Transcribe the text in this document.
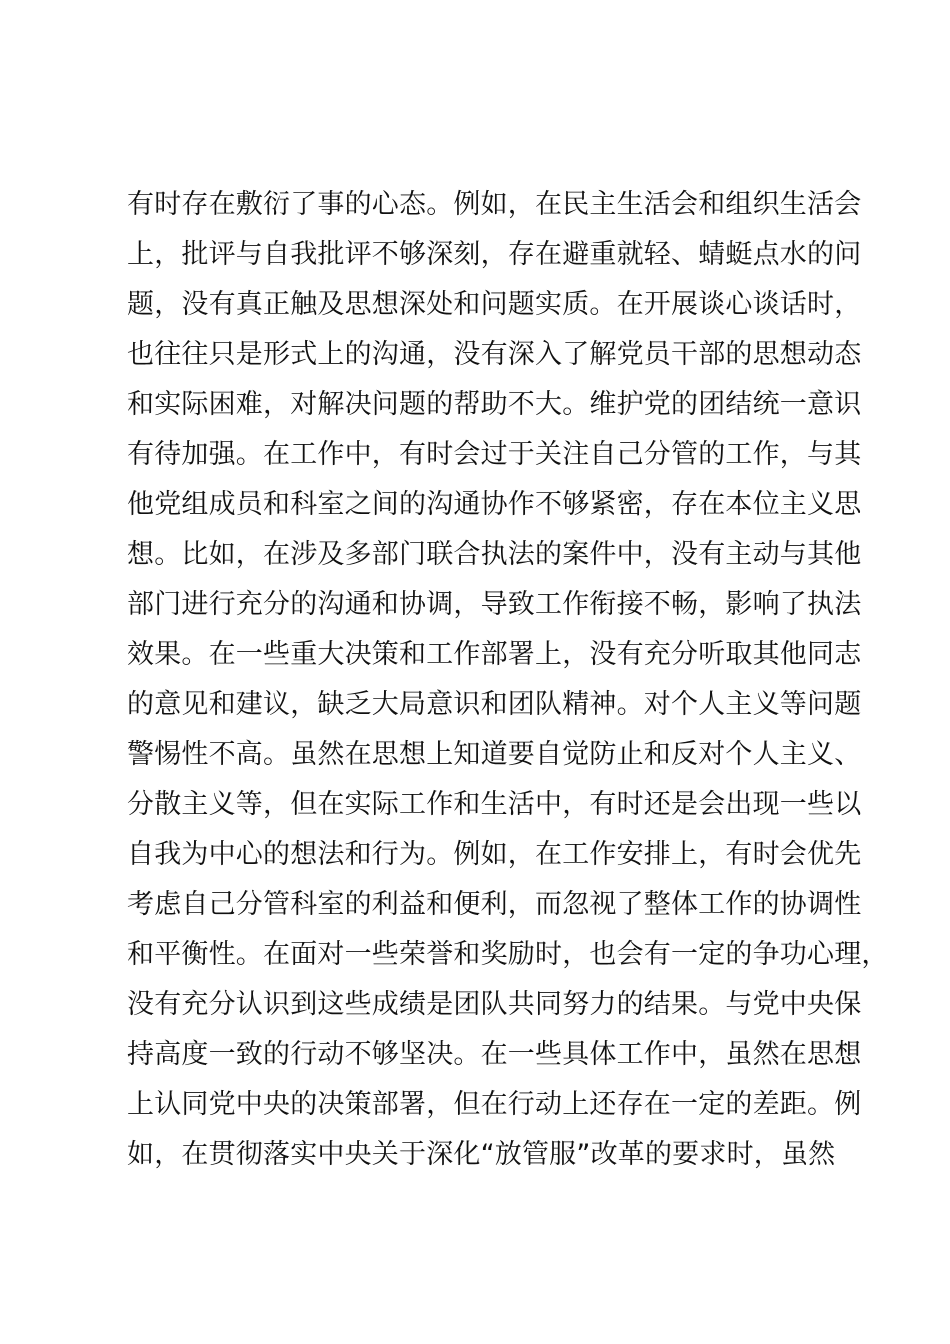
有时存在敷衍了事的心态。例如，在民主生活会和组织生活会
上，批评与自我批评不够深刻，存在避重就轻、蜻蜓点水的问
题，没有真正触及思想深处和问题实质。在开展谈心谈话时，
也往往只是形式上的沟通，没有深入了解党员干部的思想动态
和实际困难，对解决问题的帮助不大。维护党的团结统一意识
有待加强。在工作中，有时会过于关注自己分管的工作，与其
他党组成员和科室之间的沟通协作不够紧密，存在本位主义思
想。比如，在涉及多部门联合执法的案件中，没有主动与其他
部门进行充分的沟通和协调，导致工作衔接不畅，影响了执法
效果。在一些重大决策和工作部署上，没有充分听取其他同志
的意见和建议，缺乏大局意识和团队精神。对个人主义等问题
警惕性不高。虽然在思想上知道要自觉防止和反对个人主义、
分散主义等，但在实际工作和生活中，有时还是会出现一些以
自我为中心的想法和行为。例如，在工作安排上，有时会优先
考虑自己分管科室的利益和便利，而忽视了整体工作的协调性
和平衡性。在面对一些荣誉和奖励时，也会有一定的争功心理，
没有充分认识到这些成绩是团队共同努力的结果。与党中央保
持高度一致的行动不够坚决。在一些具体工作中，虽然在思想
上认同党中央的决策部署，但在行动上还存在一定的差距。例
如，在贯彻落实中央关于深化“放管服”改革的要求时，虽然
